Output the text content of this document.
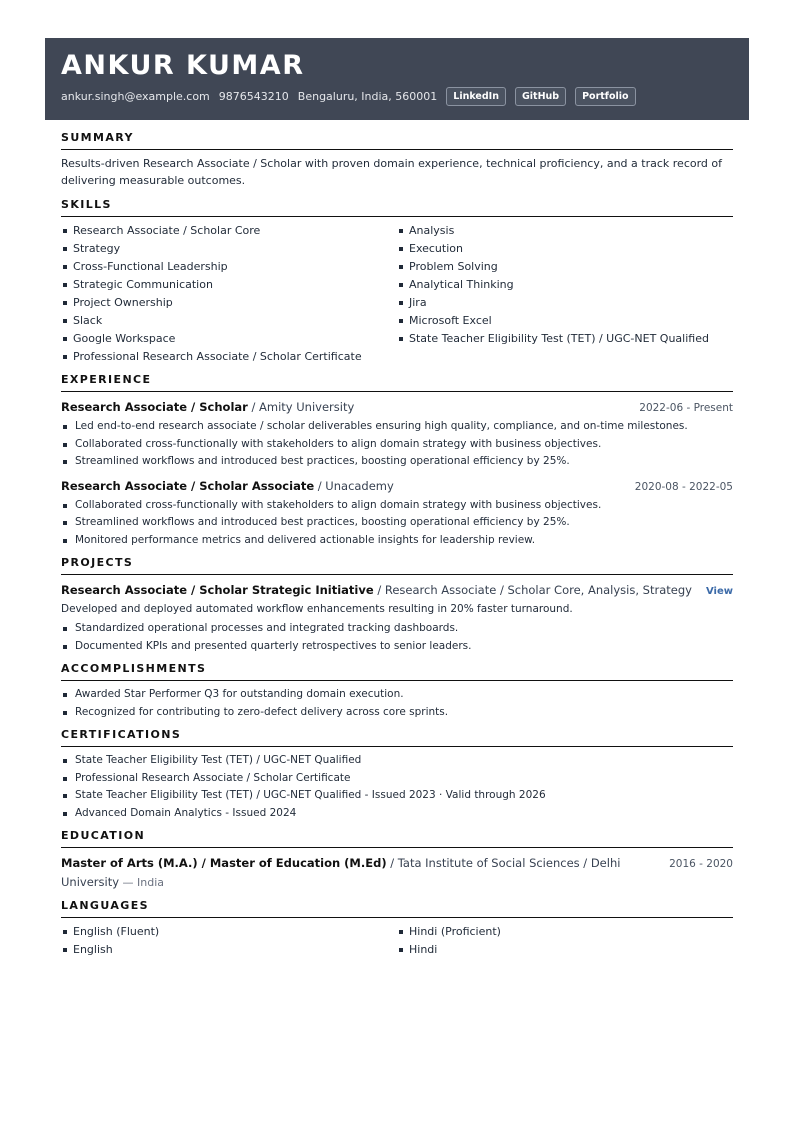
ANKUR KUMAR
ankur.singh@example.com 9876543210 Bengaluru, India, 560001	LinkedIn	GitHub	Portfolio
SUMMARY

Results-driven Research Associate / Scholar with proven domain experience, technical proficiency, and a track record of delivering measurable outcomes.

SKILLS
Research Associate / Scholar Core
Strategy
Cross-Functional Leadership
Strategic Communication
Project Ownership
Slack
Google Workspace
Professional Research Associate / Scholar Certificate
Analysis
Execution
Problem Solving
Analytical Thinking
Jira
Microsoft Excel
State Teacher Eligibility Test (TET) / UGC-NET Qualified
EXPERIENCE
Research Associate / Scholar / Amity University	2022-06 - Present
Led end-to-end research associate / scholar deliverables ensuring high quality, compliance, and on-time milestones.
Collaborated cross-functionally with stakeholders to align domain strategy with business objectives.
Streamlined workflows and introduced best practices, boosting operational efficiency by 25%.
Research Associate / Scholar Associate / Unacademy	2020-08 - 2022-05
Collaborated cross-functionally with stakeholders to align domain strategy with business objectives.
Streamlined workflows and introduced best practices, boosting operational efficiency by 25%.
Monitored performance metrics and delivered actionable insights for leadership review.
PROJECTS
Research Associate / Scholar Strategic Initiative / Research Associate / Scholar Core, Analysis, Strategy View

Developed and deployed automated workflow enhancements resulting in 20% faster turnaround.

Standardized operational processes and integrated tracking dashboards.
Documented KPIs and presented quarterly retrospectives to senior leaders.
ACCOMPLISHMENTS
Awarded Star Performer Q3 for outstanding domain execution.
Recognized for contributing to zero-defect delivery across core sprints.
CERTIFICATIONS
State Teacher Eligibility Test (TET) / UGC-NET Qualified
Professional Research Associate / Scholar Certificate
State Teacher Eligibility Test (TET) / UGC-NET Qualified - Issued 2023 · Valid through 2026
Advanced Domain Analytics - Issued 2024
EDUCATION
Master of Arts (M.A.) / Master of Education (M.Ed) / Tata Institute of Social Sciences / Delhi University — India
2016 - 2020
LANGUAGES
English (Fluent)
English
Hindi (Proficient)
Hindi
